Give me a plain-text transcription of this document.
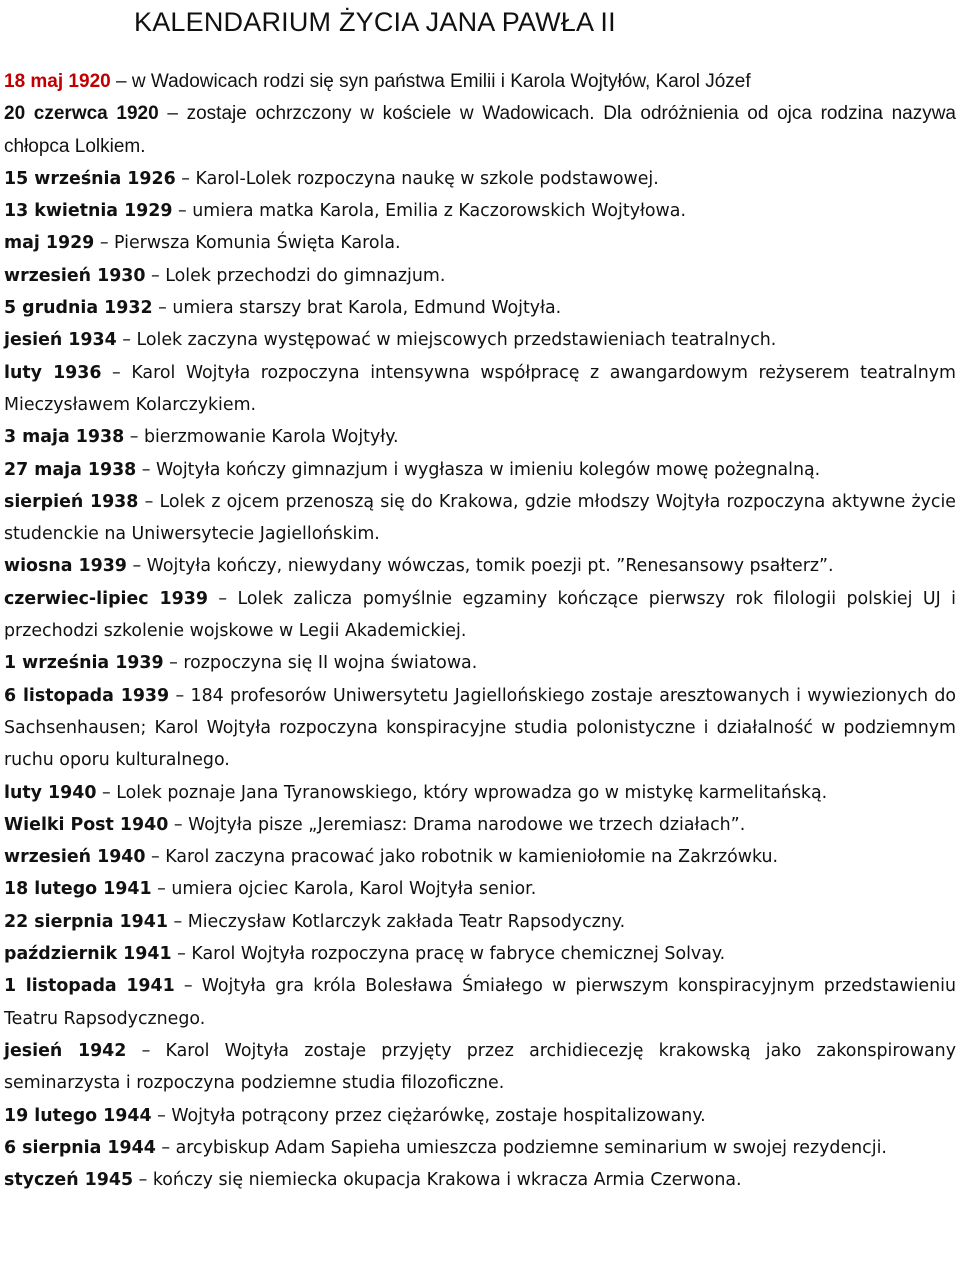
KALENDARIUM ŻYCIA JANA PAWŁA II

18 maj 1920 – w Wadowicach rodzi się syn państwa Emilii i Karola Wojtyłów, Karol Józef

20 czerwca 1920 – zostaje ochrzczony w kościele w Wadowicach. Dla odróżnienia od ojca rodzina nazywa chłopca Lolkiem.

15 września 1926 – Karol-Lolek rozpoczyna naukę w szkole podstawowej.

13 kwietnia 1929 – umiera matka Karola, Emilia z Kaczorowskich Wojtyłowa.

maj 1929 – Pierwsza Komunia Święta Karola.

wrzesień 1930 – Lolek przechodzi do gimnazjum.

5 grudnia 1932 – umiera starszy brat Karola, Edmund Wojtyła.

jesień 1934 – Lolek zaczyna występować w miejscowych przedstawieniach teatralnych.

luty 1936 – Karol Wojtyła rozpoczyna intensywna współpracę z awangardowym reżyserem teatralnym Mieczysławem Kolarczykiem.

3 maja 1938 – bierzmowanie Karola Wojtyły.

27 maja 1938 – Wojtyła kończy gimnazjum i wygłasza w imieniu kolegów mowę pożegnalną.

sierpień 1938 – Lolek z ojcem przenoszą się do Krakowa, gdzie młodszy Wojtyła rozpoczyna aktywne życie studenckie na Uniwersytecie Jagiellońskim.

wiosna 1939 – Wojtyła kończy, niewydany wówczas, tomik poezji pt. ”Renesansowy psałterz”.

czerwiec-lipiec 1939 – Lolek zalicza pomyślnie egzaminy kończące pierwszy rok filologii polskiej UJ i przechodzi szkolenie wojskowe w Legii Akademickiej.

1 września 1939 – rozpoczyna się II wojna światowa.

6 listopada 1939 – 184 profesorów Uniwersytetu Jagiellońskiego zostaje aresztowanych i wywiezionych do Sachsenhausen; Karol Wojtyła rozpoczyna konspiracyjne studia polonistyczne i działalność w podziemnym ruchu oporu kulturalnego.

luty 1940 – Lolek poznaje Jana Tyranowskiego, który wprowadza go w mistykę karmelitańską.

Wielki Post 1940 – Wojtyła pisze „Jeremiasz: Drama narodowe we trzech działach”.

wrzesień 1940 – Karol zaczyna pracować jako robotnik w kamieniołomie na Zakrzówku.

18 lutego 1941 – umiera ojciec Karola, Karol Wojtyła senior.

22 sierpnia 1941 – Mieczysław Kotlarczyk zakłada Teatr Rapsodyczny.

październik 1941 – Karol Wojtyła rozpoczyna pracę w fabryce chemicznej Solvay.

1 listopada 1941 – Wojtyła gra króla Bolesława Śmiałego w pierwszym konspiracyjnym przedstawieniu Teatru Rapsodycznego.

jesień 1942 – Karol Wojtyła zostaje przyjęty przez archidiecezję krakowską jako zakonspirowany seminarzysta i rozpoczyna podziemne studia filozoficzne.

19 lutego 1944 – Wojtyła potrącony przez ciężarówkę, zostaje hospitalizowany.

6 sierpnia 1944 – arcybiskup Adam Sapieha umieszcza podziemne seminarium w swojej rezydencji.

styczeń 1945 – kończy się niemiecka okupacja Krakowa i wkracza Armia Czerwona.
